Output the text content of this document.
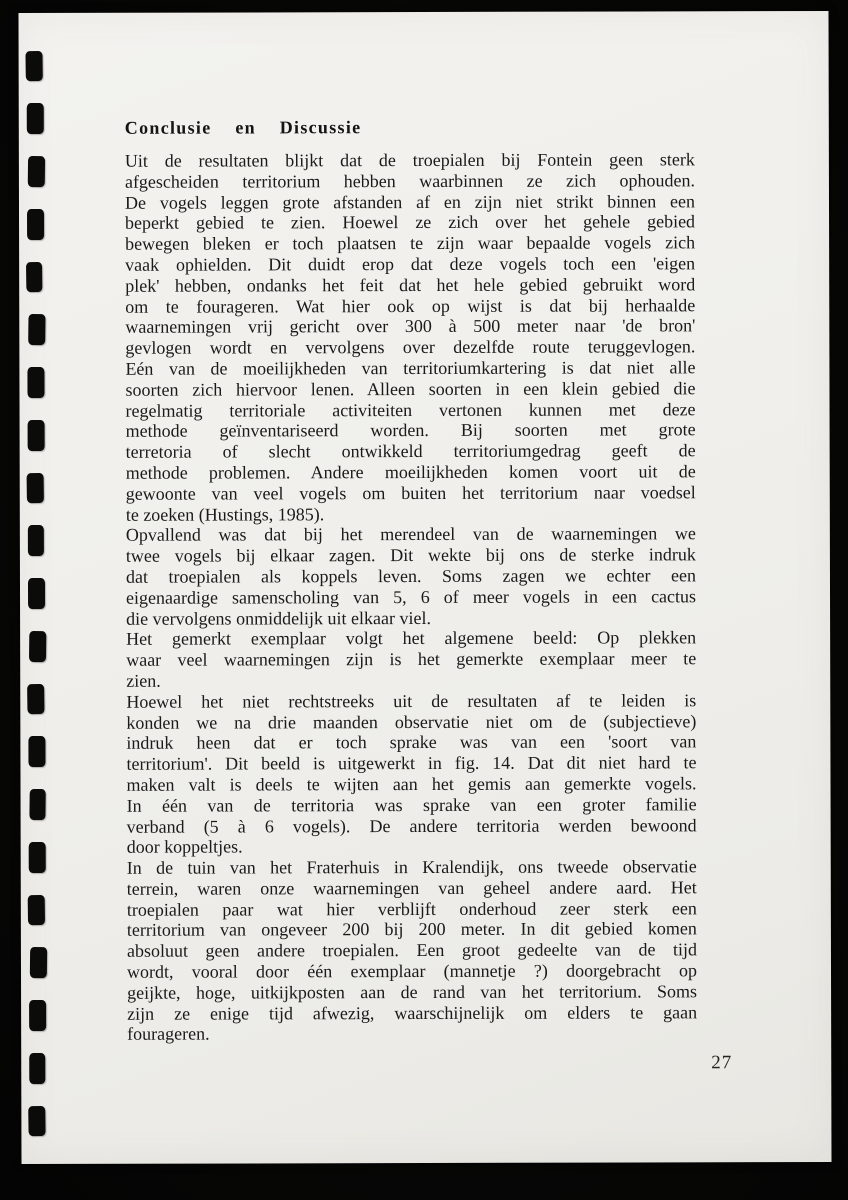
Conclusie en Discussie
Uit de resultaten blijkt dat de troepialen bij Fontein geen sterk
afgescheiden territorium hebben waarbinnen ze zich ophouden.
De vogels leggen grote afstanden af en zijn niet strikt binnen een
beperkt gebied te zien. Hoewel ze zich over het gehele gebied
bewegen bleken er toch plaatsen te zijn waar bepaalde vogels zich
vaak ophielden. Dit duidt erop dat deze vogels toch een 'eigen
plek' hebben, ondanks het feit dat het hele gebied gebruikt word
om te fourageren. Wat hier ook op wijst is dat bij herhaalde
waarnemingen vrij gericht over 300 à 500 meter naar 'de bron'
gevlogen wordt en vervolgens over dezelfde route teruggevlogen.
Eén van de moeilijkheden van territoriumkartering is dat niet alle
soorten zich hiervoor lenen. Alleen soorten in een klein gebied die
regelmatig territoriale activiteiten vertonen kunnen met deze
methode geïnventariseerd worden. Bij soorten met grote
terretoria of slecht ontwikkeld territoriumgedrag geeft de
methode problemen. Andere moeilijkheden komen voort uit de
gewoonte van veel vogels om buiten het territorium naar voedsel
te zoeken (Hustings, 1985).
Opvallend was dat bij het merendeel van de waarnemingen we
twee vogels bij elkaar zagen. Dit wekte bij ons de sterke indruk
dat troepialen als koppels leven. Soms zagen we echter een
eigenaardige samenscholing van 5, 6 of meer vogels in een cactus
die vervolgens onmiddelijk uit elkaar viel.
Het gemerkt exemplaar volgt het algemene beeld: Op plekken
waar veel waarnemingen zijn is het gemerkte exemplaar meer te
zien.
Hoewel het niet rechtstreeks uit de resultaten af te leiden is
konden we na drie maanden observatie niet om de (subjectieve)
indruk heen dat er toch sprake was van een 'soort van
territorium'. Dit beeld is uitgewerkt in fig. 14. Dat dit niet hard te
maken valt is deels te wijten aan het gemis aan gemerkte vogels.
In één van de territoria was sprake van een groter familie
verband (5 à 6 vogels). De andere territoria werden bewoond
door koppeltjes.
In de tuin van het Fraterhuis in Kralendijk, ons tweede observatie
terrein, waren onze waarnemingen van geheel andere aard. Het
troepialen paar wat hier verblijft onderhoud zeer sterk een
territorium van ongeveer 200 bij 200 meter. In dit gebied komen
absoluut geen andere troepialen. Een groot gedeelte van de tijd
wordt, vooral door één exemplaar (mannetje ?) doorgebracht op
geijkte, hoge, uitkijkposten aan de rand van het territorium. Soms
zijn ze enige tijd afwezig, waarschijnelijk om elders te gaan
fourageren.
27
